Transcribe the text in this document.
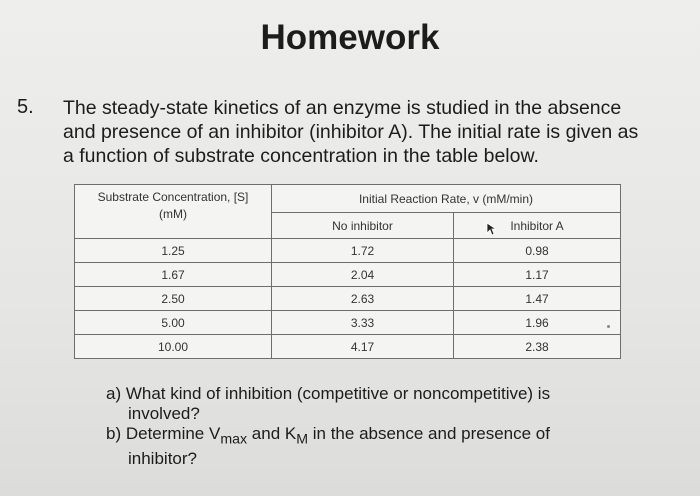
Homework
5. The steady-state kinetics of an enzyme is studied in the absence
and presence of an inhibitor (inhibitor A). The initial rate is given as
a function of substrate concentration in the table below.
Substrate Concentration, [S]
(mM)	Initial Reaction Rate, v (mM/min)	
	No inhibitor	Inhibitor A
1.25	1.72	0.98
1.67	2.04	1.17
2.50	2.63	1.47
5.00	3.33	1.96
10.00	4.17	2.38
a) What kind of inhibition (competitive or noncompetitive) is
involved?
b) Determine $V_{max}$ and $K_M$ in the absence and presence of
inhibitor?
